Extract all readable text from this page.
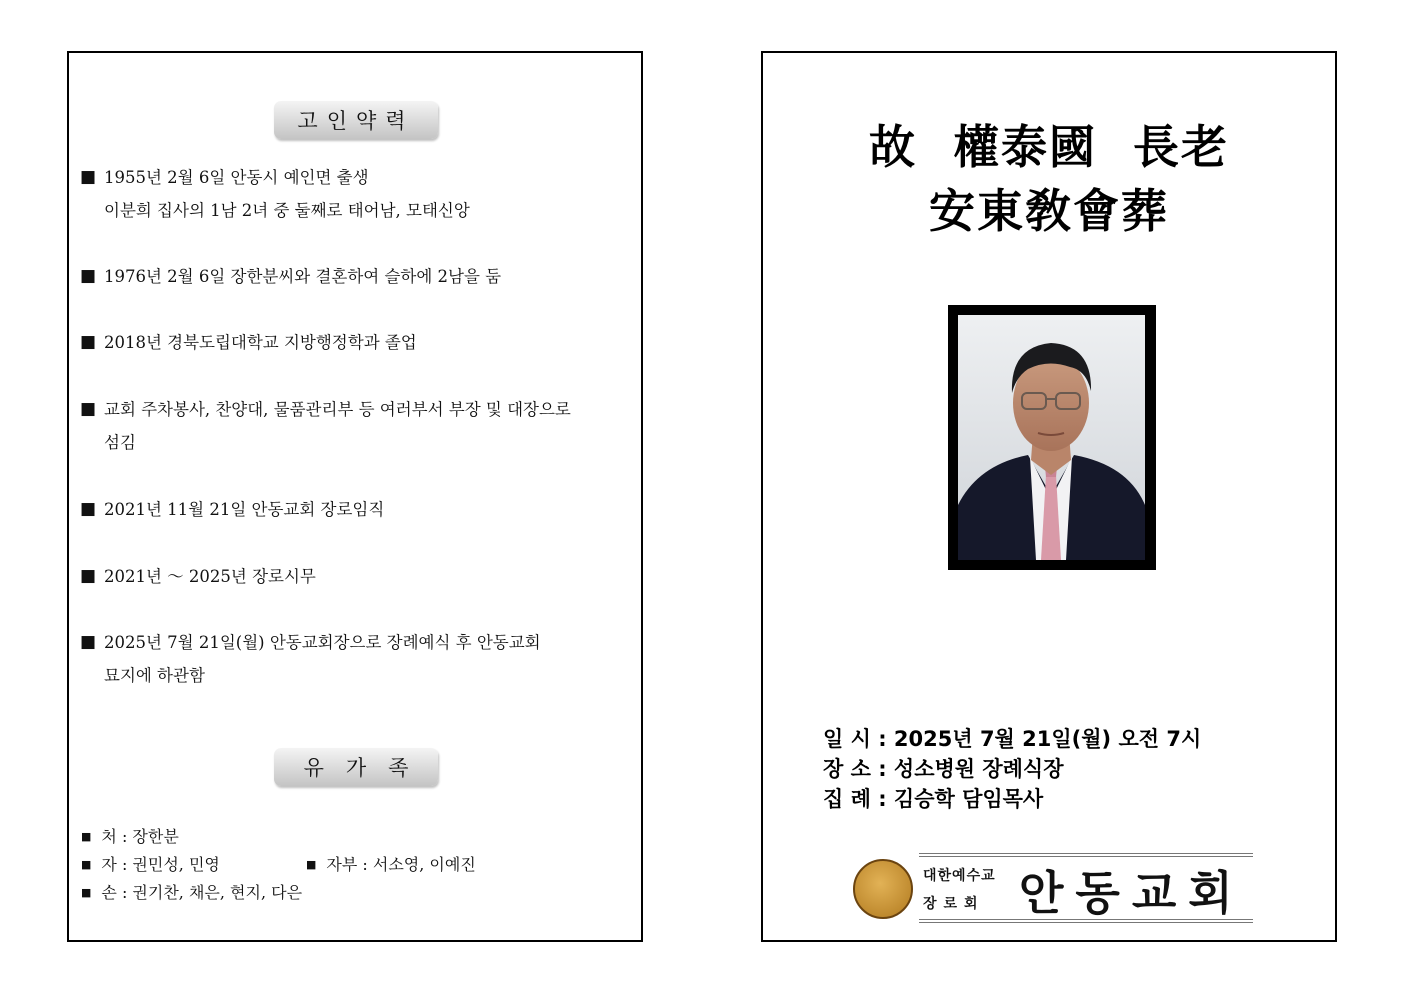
고인약력
■ 1955년 2월 6일 안동시 예인면 출생
이분희 집사의 1남 2녀 중 둘째로 태어남, 모태신앙
■ 1976년 2월 6일 장한분씨와 결혼하여 슬하에 2남을 둠
■ 2018년 경북도립대학교 지방행정학과 졸업
■ 교회 주차봉사, 찬양대, 물품관리부 등 여러부서 부장 및 대장으로
섬김
■ 2021년 11월 21일 안동교회 장로임직
■ 2021년 ～ 2025년 장로시무
■ 2025년 7월 21일(월) 안동교회장으로 장례예식 후 안동교회
묘지에 하관함
유가족
■ 처 : 장한분
■ 자 : 권민성, 민영	■ 자부 : 서소영, 이예진
■ 손 : 권기찬, 채은, 현지, 다은
故  權泰國  長老
安東敎會葬
일 시 : 2025년 7월 21일(월) 오전 7시
장 소 : 성소병원 장례식장
집 례 : 김승학 담임목사
대한예수교
장로회 안동교회
